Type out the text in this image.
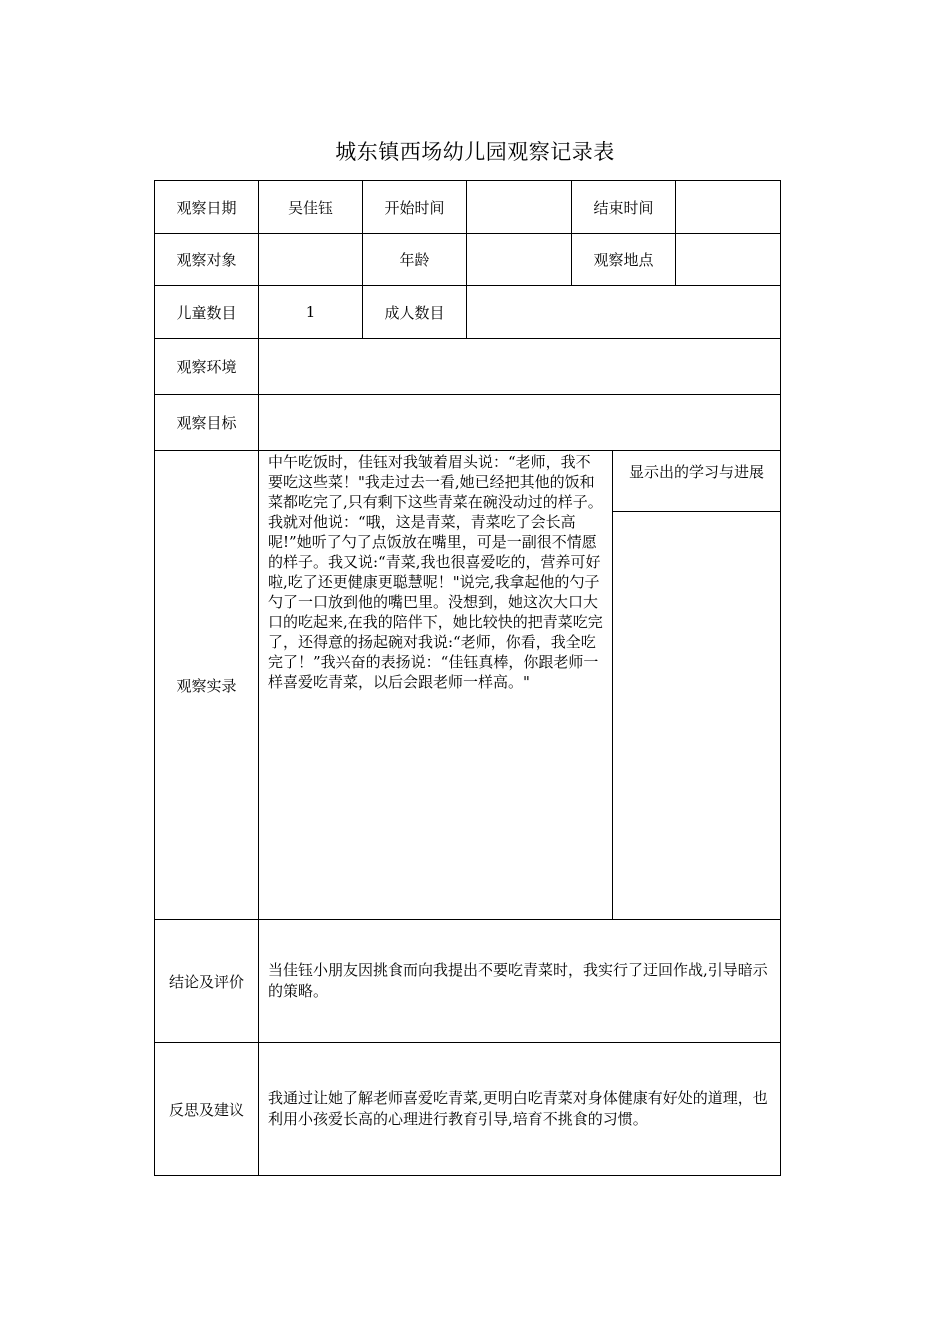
城东镇西场幼儿园观察记录表
观察日期	吴佳钰	开始时间		结束时间		
观察对象		年龄		观察地点		
儿童数目	1	成人数目				
观察环境						
观察目标						
观察实录	中午吃饭时，佳钰对我皱着眉头说：“老师，我不要吃这些菜！"我走过去一看,她已经把其他的饭和菜都吃完了,只有剩下这些青菜在碗没动过的样子。我就对他说：“哦，这是青菜，青菜吃了会长高呢!”她听了勺了点饭放在嘴里，可是一副很不情愿的样子。我又说:“青菜,我也很喜爱吃的，营养可好啦,吃了还更健康更聪慧呢！"说完,我拿起他的勺子勺了一口放到他的嘴巴里。没想到，她这次大口大口的吃起来,在我的陪伴下，她比较快的把青菜吃完了，还得意的扬起碗对我说:“老师，你看，我全吃完了！”我兴奋的表扬说：“佳钰真棒，你跟老师一样喜爱吃青菜，以后会跟老师一样高。"				显示出的学习与进展	

结论及评价	当佳钰小朋友因挑食而向我提出不要吃青菜时，我实行了迂回作战,引导暗示的策略。					
反思及建议	我通过让她了解老师喜爱吃青菜,更明白吃青菜对身体健康有好处的道理，也利用小孩爱长高的心理进行教育引导,培育不挑食的习惯。					
